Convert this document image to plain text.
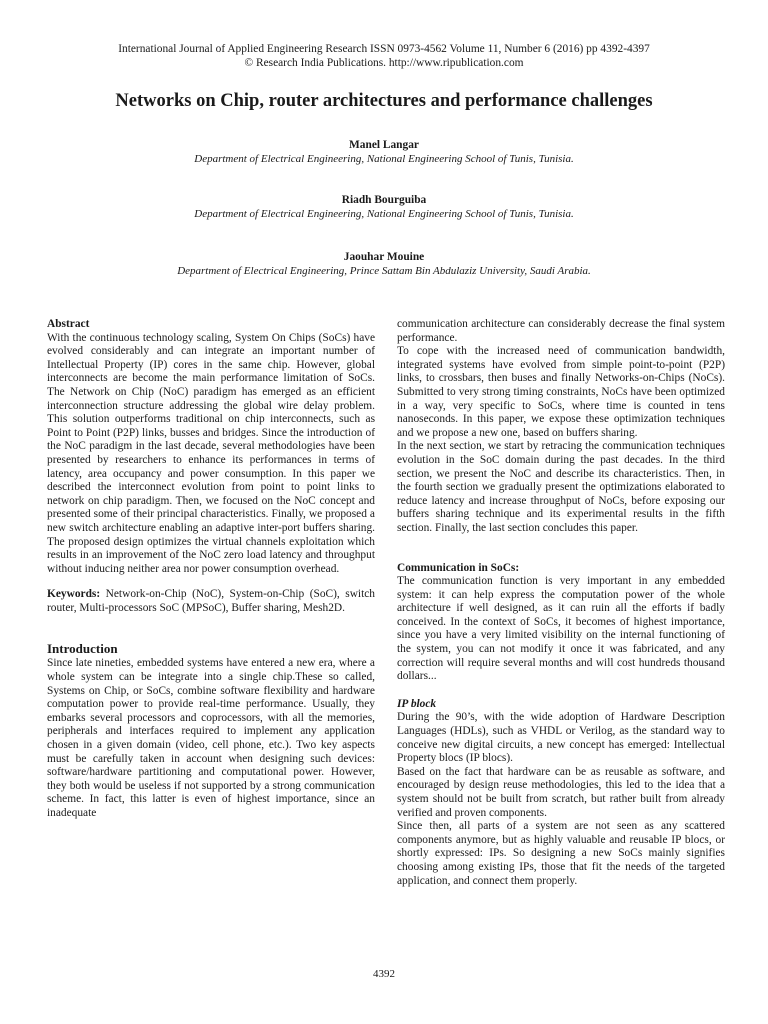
International Journal of Applied Engineering Research ISSN 0973-4562 Volume 11, Number 6 (2016) pp 4392-4397
© Research India Publications. http://www.ripublication.com
Networks on Chip, router architectures and performance challenges
Manel Langar
Department of Electrical Engineering, National Engineering School of Tunis, Tunisia.
Riadh Bourguiba
Department of Electrical Engineering, National Engineering School of Tunis, Tunisia.
Jaouhar Mouine
Department of Electrical Engineering, Prince Sattam Bin Abdulaziz University, Saudi Arabia.

Abstract

With the continuous technology scaling, System On Chips (SoCs) have evolved considerably and can integrate an important number of Intellectual Property (IP) cores in the same chip. However, global interconnects are become the main performance limitation of SoCs. The Network on Chip (NoC) paradigm has emerged as an efficient interconnection structure addressing the global wire delay problem. This solution outperforms traditional on chip interconnects, such as Point to Point (P2P) links, busses and bridges. Since the introduction of the NoC paradigm in the last decade, several methodologies have been presented by researchers to enhance its performances in terms of latency, area occupancy and power consumption. In this paper we described the interconnect evolution from point to point links to network on chip paradigm. Then, we focused on the NoC concept and presented some of their principal characteristics. Finally, we proposed a new switch architecture enabling an adaptive inter-port buffers sharing. The proposed design optimizes the virtual channels exploitation which results in an improvement of the NoC zero load latency and throughput without inducing neither area nor power consumption overhead.

Keywords: Network-on-Chip (NoC), System-on-Chip (SoC), switch router, Multi-processors SoC (MPSoC), Buffer sharing, Mesh2D.

Introduction

Since late nineties, embedded systems have entered a new era, where a whole system can be integrate into a single chip.These so called, Systems on Chip, or SoCs, combine software flexibility and hardware computation power to provide real-time performance. Usually, they embarks several processors and coprocessors, with all the memories, peripherals and interfaces required to implement any application chosen in a given domain (video, cell phone, etc.). Two key aspects must be carefully taken in account when designing such devices: software/hardware partitioning and computational power. However, they both would be useless if not supported by a strong communication scheme. In fact, this latter is even of highest importance, since an inadequate

communication architecture can considerably decrease the final system performance.

To cope with the increased need of communication bandwidth, integrated systems have evolved from simple point-to-point (P2P) links, to crossbars, then buses and finally Networks-on-Chips (NoCs). Submitted to very strong timing constraints, NoCs have been optimized in a way, very specific to SoCs, where time is counted in tens nanoseconds. In this paper, we expose these optimization techniques and we propose a new one, based on buffers sharing.

In the next section, we start by retracing the communication techniques evolution in the SoC domain during the past decades. In the third section, we present the NoC and describe its characteristics. Then, in the fourth section we gradually present the optimizations elaborated to reduce latency and increase throughput of NoCs, before exposing our buffers sharing technique and its experimental results in the fifth section. Finally, the last section concludes this paper.

Communication in SoCs:

The communication function is very important in any embedded system: it can help express the computation power of the whole architecture if well designed, as it can ruin all the efforts if badly conceived. In the context of SoCs, it becomes of highest importance, since you have a very limited visibility on the internal functioning of the system, you can not modify it once it was fabricated, and any correction will require several months and will cost hundreds thousand dollars...

IP block

During the 90’s, with the wide adoption of Hardware Description Languages (HDLs), such as VHDL or Verilog, as the standard way to conceive new digital circuits, a new concept has emerged: Intellectual Property blocs (IP blocs).

Based on the fact that hardware can be as reusable as software, and encouraged by design reuse methodologies, this led to the idea that a system should not be built from scratch, but rather built from already verified and proven components.

Since then, all parts of a system are not seen as any scattered components anymore, but as highly valuable and reusable IP blocs, or shortly expressed: IPs. So designing a new SoCs mainly signifies choosing among existing IPs, those that fit the needs of the targeted application, and connect them properly.

4392
